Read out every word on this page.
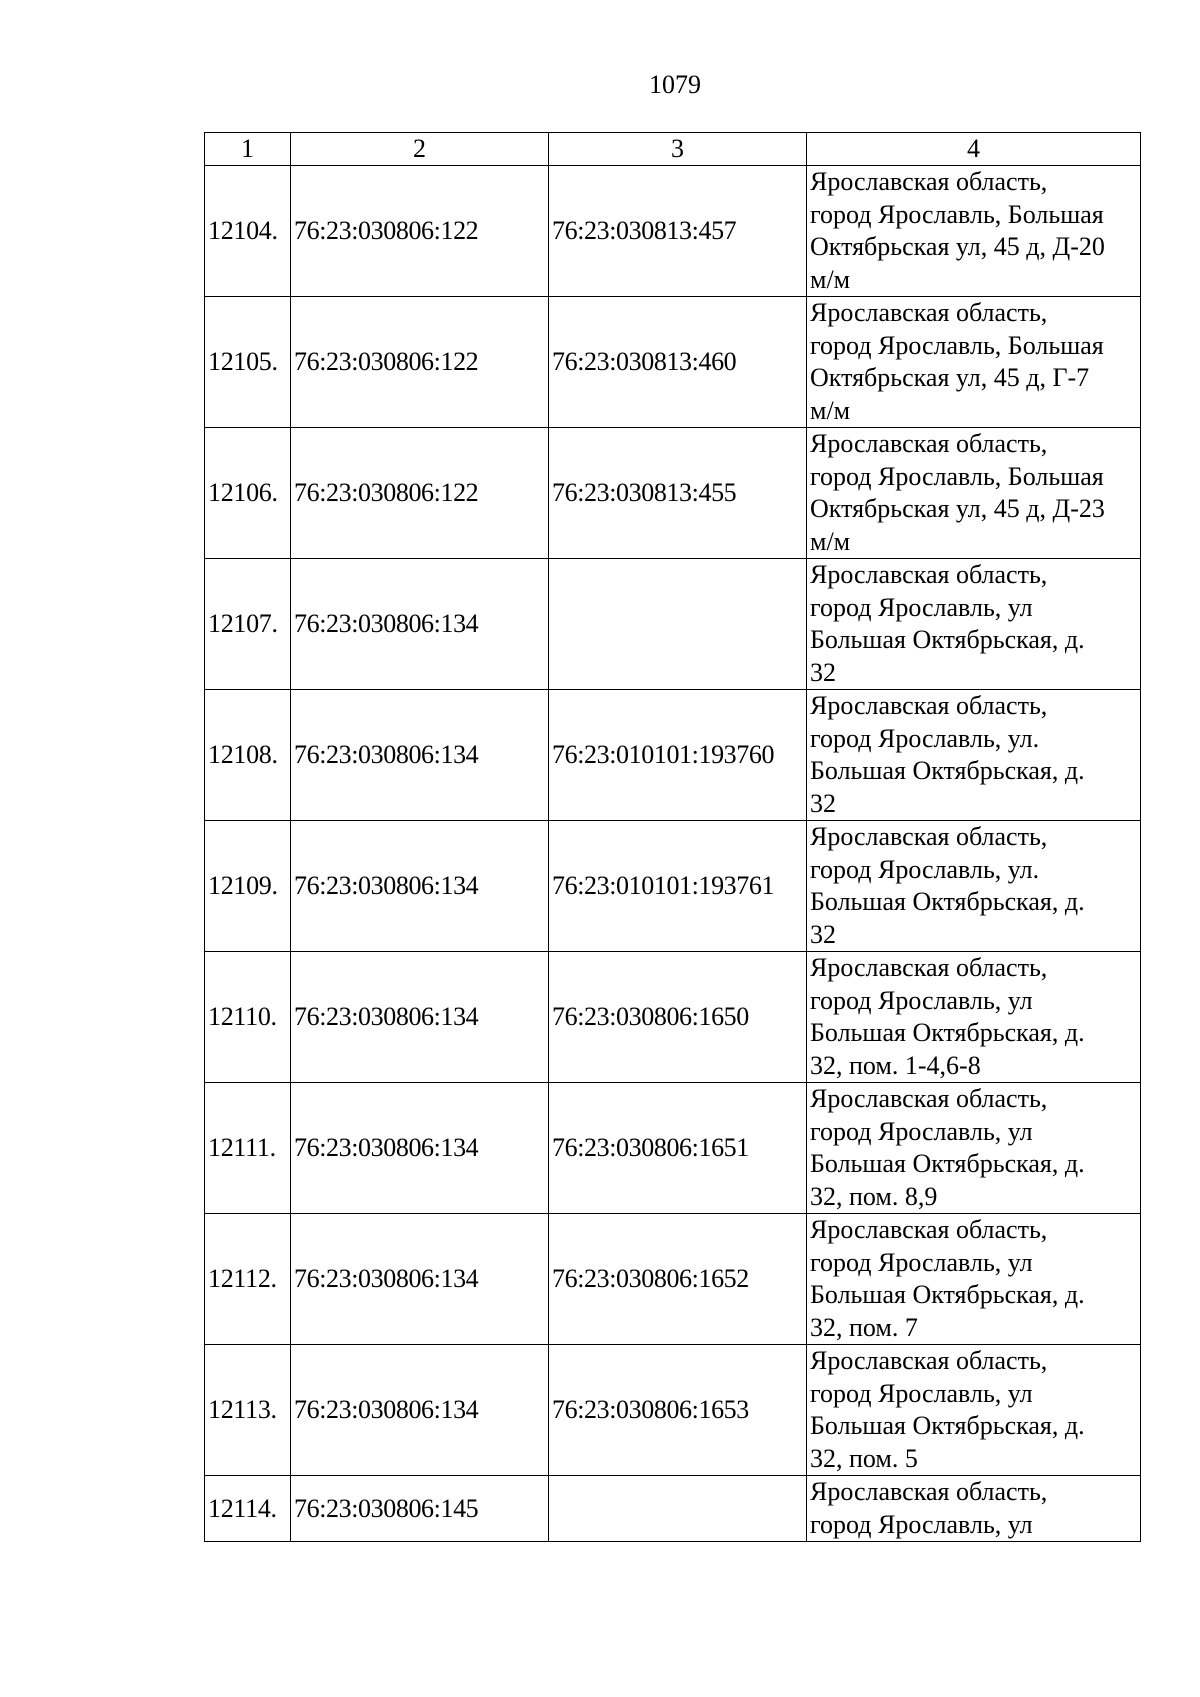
1079
1	2	3	4
12104.	76:23:030806:122	76:23:030813:457	Ярославская область,
город Ярославль, Большая
Октябрьская ул, 45 д, Д-20
м/м

12105.	76:23:030806:122	76:23:030813:460	Ярославская область,
город Ярославль, Большая
Октябрьская ул, 45 д, Г-7
м/м

12106.	76:23:030806:122	76:23:030813:455	Ярославская область,
город Ярославль, Большая
Октябрьская ул, 45 д, Д-23
м/м

12107.	76:23:030806:134		Ярославская область,
город Ярославль, ул
Большая Октябрьская, д.
32

12108.	76:23:030806:134	76:23:010101:193760	Ярославская область,
город Ярославль, ул.
Большая Октябрьская, д.
32

12109.	76:23:030806:134	76:23:010101:193761	Ярославская область,
город Ярославль, ул.
Большая Октябрьская, д.
32

12110.	76:23:030806:134	76:23:030806:1650	Ярославская область,
город Ярославль, ул
Большая Октябрьская, д.
32, пом. 1-4,6-8

12111.	76:23:030806:134	76:23:030806:1651	Ярославская область,
город Ярославль, ул
Большая Октябрьская, д.
32, пом. 8,9

12112.	76:23:030806:134	76:23:030806:1652	Ярославская область,
город Ярославль, ул
Большая Октябрьская, д.
32, пом. 7

12113.	76:23:030806:134	76:23:030806:1653	Ярославская область,
город Ярославль, ул
Большая Октябрьская, д.
32, пом. 5

12114.	76:23:030806:145		Ярославская область,
город Ярославль, ул
